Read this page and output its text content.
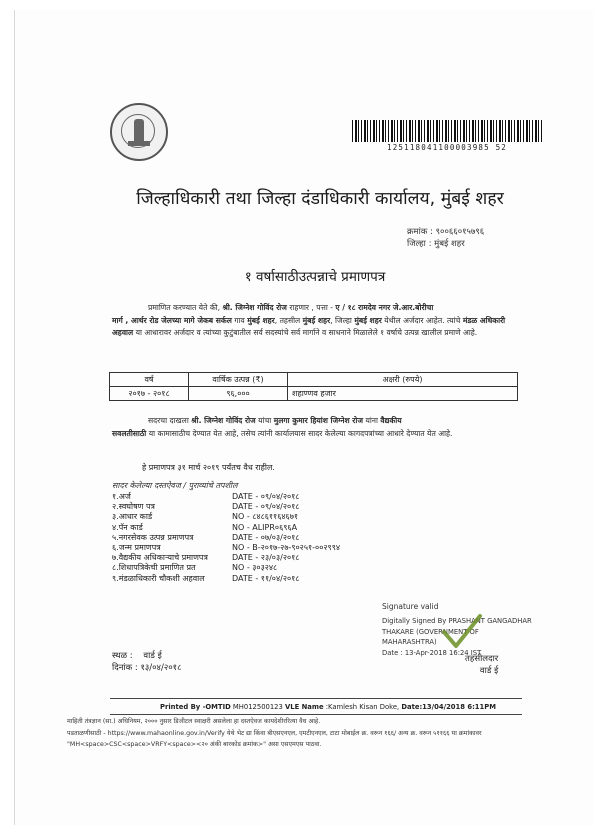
125118041100003985 52
जिल्हाधिकारी तथा जिल्हा दंडाधिकारी कार्यालय, मुंबई शहर
क्रमांक : ९००६६०१५७९६
जिल्हा : मुंबई शहर
१ वर्षासाठीउत्पन्नाचे प्रमाणपत्र
प्रमाणित करण्यात येते की, श्री. जिग्नेश गोविंद रोज राहणार , पत्ता - ए / १८ रामदेव नगर जे.आर.बोरीचा
मार्ग , आर्थर रोड जेलच्या मागे जेकब सर्कल गाव मुंबई शहर, तहसील मुंबई शहर, जिल्हा मुंबई शहर येथील अर्जदार आहेत. त्यांचे मंडळ अधिकारी अहवाल या आधारावर अर्जदार व त्यांच्या कुटुंबातील सर्व सदस्यांचे सर्व मार्गाने व साधनाने मिळालेले १ वर्षाचे उत्पन्न खालील प्रमाणे आहे.
वर्ष	वार्षिक उत्पन्न (₹)	अक्षरी (रुपये)
२०१७ - २०१८	९६,०००	शहाण्णव हजार
सदरचा दाखला श्री. जिग्नेश गोविंद रोज यांचा मुलगा कुमार हियांश जिग्नेश रोज यांना वैद्यकीय
सवलतीसाठी या कामासाठीच देण्यात येत आहे, तसेच त्यांनी कार्यालयास सादर केलेल्या कागदपत्रांच्या आधारे देण्यात येत आहे.
हे प्रमाणपत्र ३१ मार्च २०१९ पर्यंतच वैध राहील.
सादर केलेल्या दस्तऐवज / पुराव्यांचे तपशील
१.अर्ज	DATE - ०९/०४/२०१८
२.स्वघोषण पत्र	DATE - ०९/०४/२०१८
३.आधार कार्ड	NO - ८४८६११६४६७१
४.पॅन कार्ड	NO - ALIPR०६९६A
५.नगरसेवक उत्पन्न प्रमाणपत्र	DATE - ०७/०३/२०१८
६.जन्म प्रमाणपत्र	NO - B-२०१७-२७-९०२५१-००२९९४
७.वैद्यकीय अधिकाऱ्याचे प्रमाणपत्र	DATE - २३/०३/२०१८
८.शिधापत्रिकेची प्रमाणित प्रत	NO - ३०३२४८
९.मंडळाधिकारी चौकशी अहवाल	DATE - ११/०४/२०१८
Signature valid
Digitally Signed By PRASHANT GANGADHAR
THAKARE (GOVERNMENT OF
MAHARASHTRA)
Date : 13-Apr-2018 16:24 IST
तहसीलदार
वार्ड ई
स्थळ : वार्ड ई
दिनांक : १३/०४/२०१८
Printed By -OMTID MH012500123 VLE Name :Kamlesh Kisan Doke, Date:13/04/2018 6:11PM
माहिती तंत्रज्ञान (सा.) अधिनियम, २००० नुसार डिजीटल स्वाक्षरी असलेला हा दस्तऐवज कायदेशीररित्या वैध आहे.
पडताळणीसाठी - https://www.mahaonline.gov.in/Verify येथे भेट द्या किंवा बीएसएनएल, एमटीएनएल, टाटा मोबाईल क्र. वरून १६६/ अन्य क्र. वरून ५११६६ या क्रमांकावर
"MH<space>CSC<space>VRFY<space><२० अंकी बारकोड क्रमांक>" असा एसएमएस पाठवा.
